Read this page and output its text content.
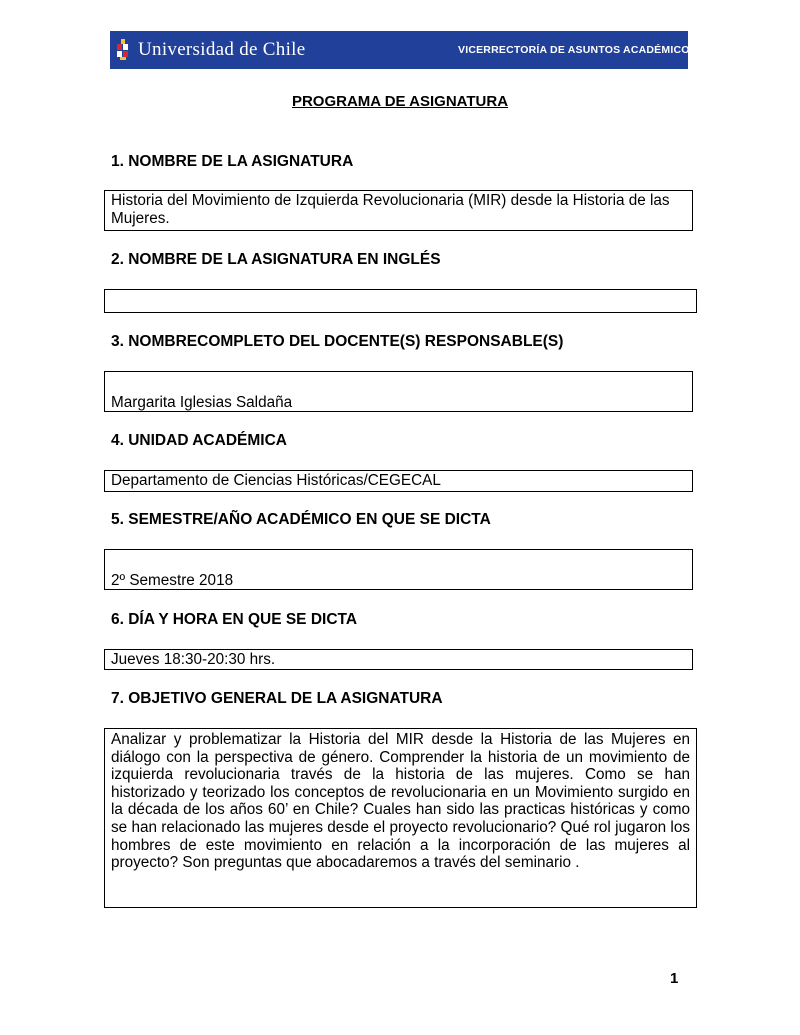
Universidad de Chile	VICERRECTORÍA DE ASUNTOS ACADÉMICOS
PROGRAMA DE ASIGNATURA
1. NOMBRE DE LA ASIGNATURA
Historia del Movimiento de Izquierda Revolucionaria (MIR) desde la Historia de las Mujeres.
2. NOMBRE DE LA ASIGNATURA EN INGLÉS
3. NOMBRECOMPLETO DEL DOCENTE(S) RESPONSABLE(S)
Margarita Iglesias Saldaña
4. UNIDAD ACADÉMICA
Departamento de Ciencias Históricas/CEGECAL
5. SEMESTRE/AÑO ACADÉMICO EN QUE SE DICTA
2º Semestre 2018
6. DÍA Y HORA EN QUE SE DICTA
Jueves 18:30-20:30 hrs.
7. OBJETIVO GENERAL DE LA ASIGNATURA
Analizar y problematizar la Historia del MIR desde la Historia de las Mujeres en diálogo con la perspectiva de género. Comprender la historia de un movimiento de izquierda revolucionaria través de la historia de las mujeres. Como se han historizado y teorizado los conceptos de revolucionaria en un Movimiento surgido en la década de los años 60’ en Chile? Cuales han sido las practicas históricas y como se han relacionado las mujeres desde el proyecto revolucionario? Qué rol jugaron los hombres de este movimiento en relación a la incorporación de las mujeres al proyecto? Son preguntas que abocadaremos a través del seminario .
1
